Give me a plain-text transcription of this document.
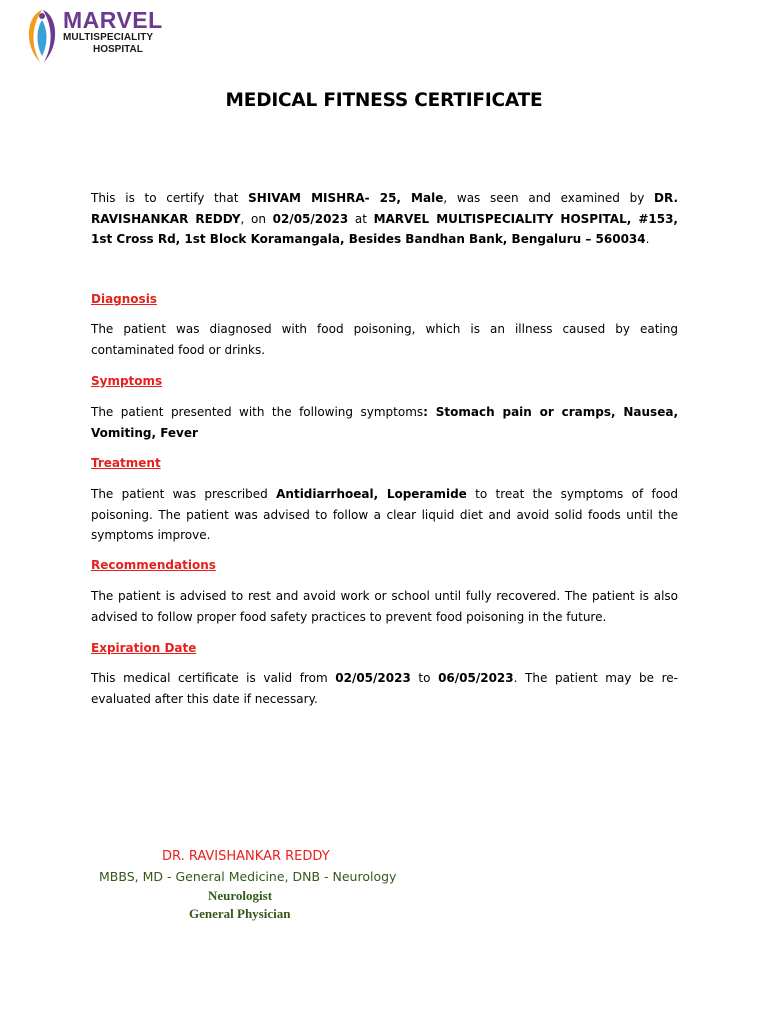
MARVEL
MULTISPECIALITY
HOSPITAL
MEDICAL FITNESS CERTIFICATE

This is to certify that SHIVAM MISHRA- 25, Male, was seen and examined by DR. RAVISHANKAR REDDY, on 02/05/2023 at MARVEL MULTISPECIALITY HOSPITAL, #153, 1st Cross Rd, 1st Block Koramangala, Besides Bandhan Bank, Bengaluru – 560034.

Diagnosis

The patient was diagnosed with food poisoning, which is an illness caused by eating contaminated food or drinks.

Symptoms

The patient presented with the following symptoms: Stomach pain or cramps, Nausea, Vomiting, Fever

Treatment

The patient was prescribed Antidiarrhoeal, Loperamide to treat the symptoms of food poisoning. The patient was advised to follow a clear liquid diet and avoid solid foods until the symptoms improve.

Recommendations

The patient is advised to rest and avoid work or school until fully recovered. The patient is also advised to follow proper food safety practices to prevent food poisoning in the future.

Expiration Date

This medical certificate is valid from 02/05/2023 to 06/05/2023. The patient may be re-evaluated after this date if necessary.

DR. RAVISHANKAR REDDY
MBBS, MD - General Medicine, DNB - Neurology
Neurologist
General Physician
